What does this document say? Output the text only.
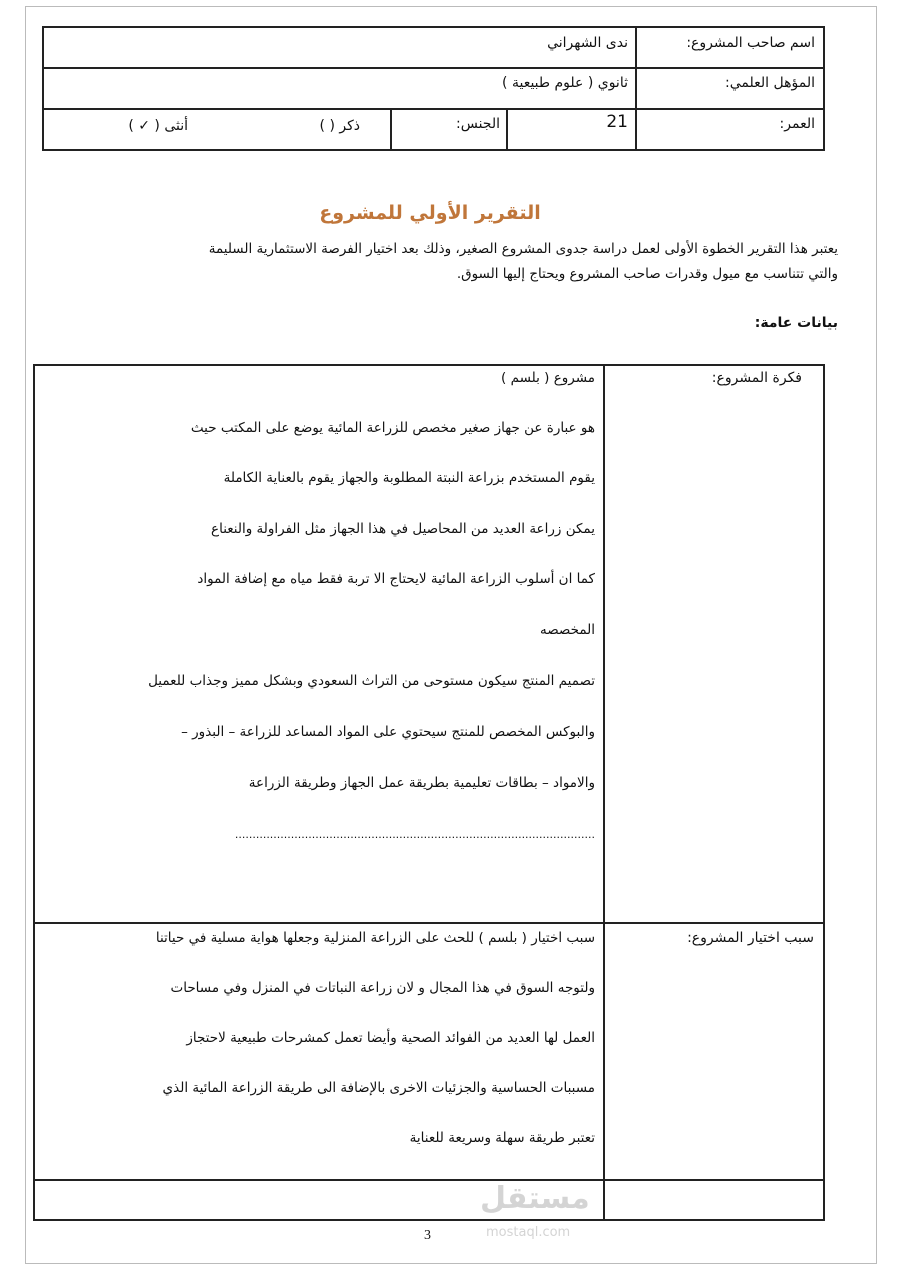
اسم صاحب المشروع:
ندى الشهراني
المؤهل العلمي:
ثانوي ( علوم طبيعية )
العمر:
21
الجنس:
ذكر ( )
أنثى ( ✓ )
التقرير الأولي للمشروع
يعتبر هذا التقرير الخطوة الأولى لعمل دراسة جدوى المشروع الصغير، وذلك بعد اختيار الفرصة الاستثمارية السليمة
والتي تتناسب مع ميول وقدرات صاحب المشروع ويحتاج إليها السوق.
بيانات عامة:
فكرة المشروع:
مشروع ( بلسم )
هو عبارة عن جهاز صغير مخصص للزراعة المائية يوضع على المكتب حيث
يقوم المستخدم بزراعة النبتة المطلوبة والجهاز يقوم بالعناية الكاملة
يمكن زراعة العديد من المحاصيل في هذا الجهاز مثل الفراولة والنعناع
كما ان أسلوب الزراعة المائية لايحتاج الا تربة فقط مياه مع إضافة المواد
المخصصه
تصميم المنتج سيكون مستوحى من التراث السعودي وبشكل مميز وجذاب للعميل
والبوكس المخصص للمنتج سيحتوي على المواد المساعد للزراعة – البذور –
والامواد – بطاقات تعليمية بطريقة عمل الجهاز وطريقة الزراعة
.......................................................................................................
سبب اختيار المشروع:
سبب اختيار ( بلسم ) للحث على الزراعة المنزلية وجعلها هواية مسلية في حياتنا
ولتوجه السوق في هذا المجال و لان زراعة النباتات في المنزل وفي مساحات
العمل لها العديد من الفوائد الصحية وأيضا تعمل كمشرحات طبيعية لاحتجاز
مسببات الحساسية والجزئيات الاخرى بالإضافة الى طريقة الزراعة المائية الذي
تعتبر طريقة سهلة وسريعة للعناية
مستقل
mostaql.com
3
